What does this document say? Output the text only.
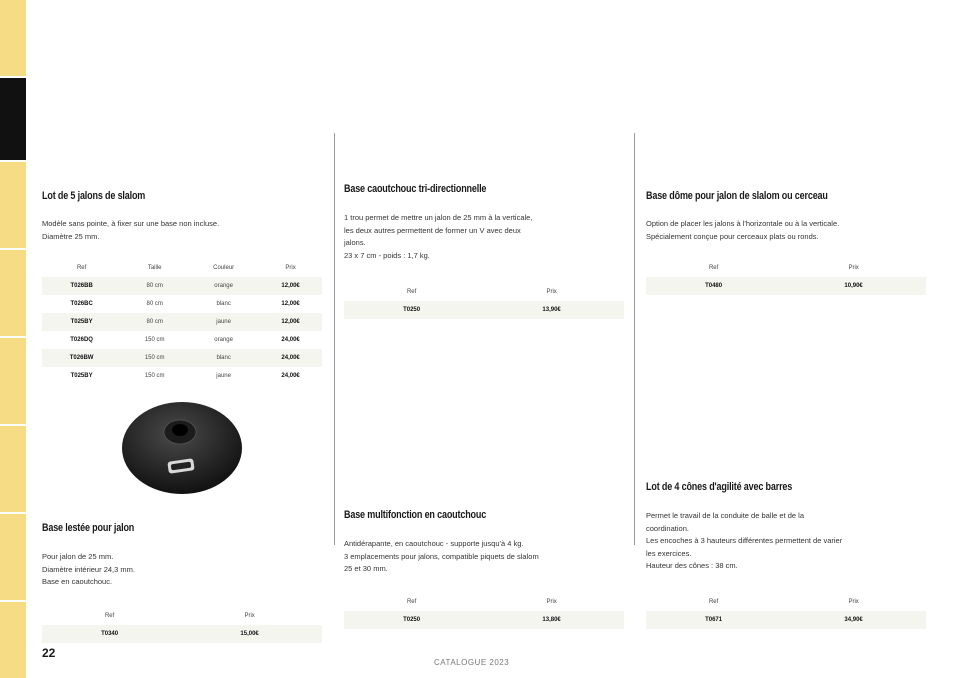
Lot de 5 jalons de slalom
Modèle sans pointe, à fixer sur une base non incluse.
Diamètre 25 mm.
Ref	Taille	Couleur	Prix
T026BB	80 cm	orange	12,00€
T026BC	80 cm	blanc	12,00€
T025BY	80 cm	jaune	12,00€
T026DQ	150 cm	orange	24,00€
T026BW	150 cm	blanc	24,00€
T025BY	150 cm	jaune	24,00€
Base lestée pour jalon
Pour jalon de 25 mm.
Diamètre intérieur 24,3 mm.
Base en caoutchouc.
Ref	Prix
T0340	15,00€
Base caoutchouc tri-directionnelle
1 trou permet de mettre un jalon de 25 mm à la verticale,
les deux autres permettent de former un V avec deux
jalons.
23 x 7 cm - poids : 1,7 kg.
Ref	Prix
T0250	13,90€
Base multifonction en caoutchouc
Antidérapante, en caoutchouc - supporte jusqu'à 4 kg.
3 emplacements pour jalons, compatible piquets de slalom
25 et 30 mm.
Ref	Prix
T0250	13,80€
Base dôme pour jalon de slalom ou cerceau
Option de placer les jalons à l'horizontale ou à la verticale.
Spécialement conçue pour cerceaux plats ou ronds.
Ref	Prix
T0480	10,90€
Lot de 4 cônes d'agilité avec barres
Permet le travail de la conduite de balle et de la
coordination.
Les encoches à 3 hauteurs différentes permettent de varier
les exercices.
Hauteur des cônes : 38 cm.
Ref	Prix
T0671	34,90€
22
CATALOGUE 2023
